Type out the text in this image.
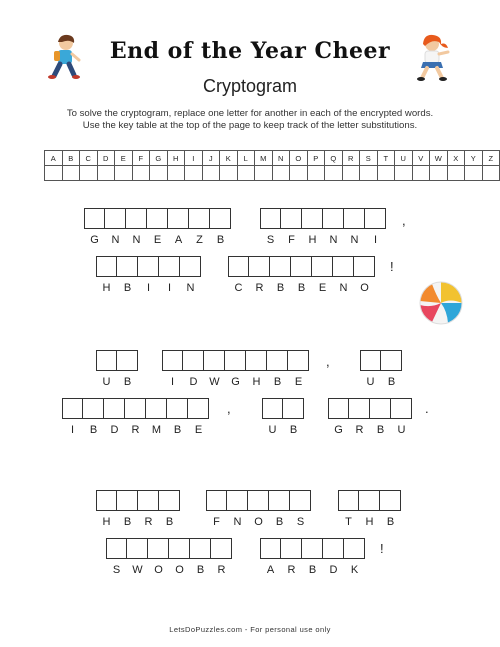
End of the Year Cheer
Cryptogram
To solve the cryptogram, replace one letter for another in each of the encrypted words.
Use the key table at the top of the page to keep track of the letter substitutions.
A	B	C	D	E	F	G	H	I	J	K	L	M	N	O	P	Q	R	S	T	U	V	W	X	Y	Z

G	N	N	E	A	Z	B	S	F	H	N	N	I
,
H	B	I	I	N	C	R	B	B	E	N	O
!
U	B	I	D	W	G	H	B	E
,
U	B
I	B	D	R	M	B	E
,
U	B	G	R	B	U
.
H	B	R	B	F	N	O	B	S	T	H	B
S	W	O	O	B	R	A	R	B	D	K
!
LetsDoPuzzles.com - For personal use only
